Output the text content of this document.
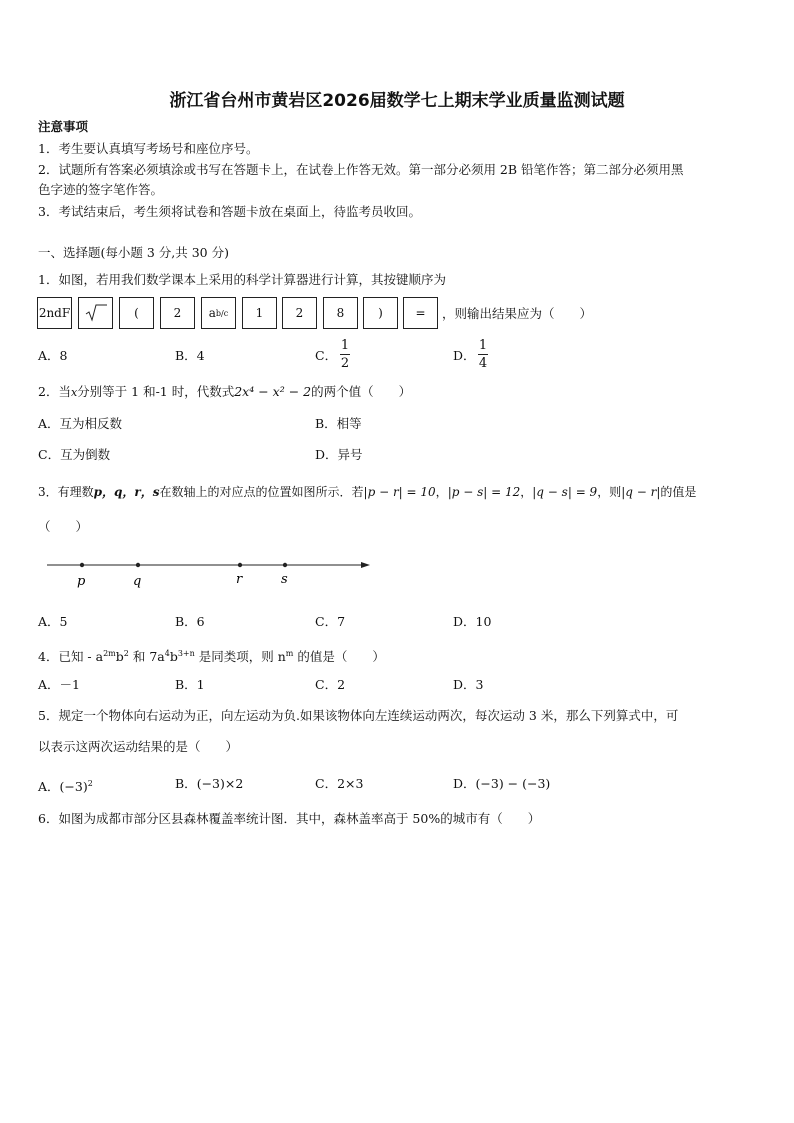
浙江省台州市黄岩区2026届数学七上期末学业质量监测试题
注意事项
1．考生要认真填写考场号和座位序号。
2．试题所有答案必须填涂或书写在答题卡上，在试卷上作答无效。第一部分必须用 2B 铅笔作答；第二部分必须用黑
色字迹的签字笔作答。
3．考试结束后，考生须将试卷和答题卡放在桌面上，待监考员收回。
一、选择题(每小题 3 分,共 30 分)
1．如图，若用我们数学课本上采用的科学计算器进行计算，其按键顺序为
2ndF	(	2	a b/c	1	2	8	)	=	，则输出结果应为（　　）
A．8	B．4	C．
1
2
D．
1
4
2．当x分别等于 1 和-1 时，代数式2x⁴ − x² − 2的两个值（　　）
A．互为相反数	B．相等
C．互为倒数	D．异号
3．有理数p，q，r，s在数轴上的对应点的位置如图所示．若|p − r| = 10，|p − s| = 12，|q − s| = 9，则|q − r|的值是
（　　）
p	q	r	s
A．5	B．6	C．7	D．10
4．已知 - $a^{2m}b^2$ 和 $7a^4b^{3+n}$ 是同类项，则 $n^m$ 的值是（　　）
A．－1	B．1	C．2	D．3
5．规定一个物体向右运动为正，向左运动为负.如果该物体向左连续运动两次，每次运动 3 米，那么下列算式中，可
以表示这两次运动结果的是（　　）
A．$(-3)^2$	B．(−3)×2	C．2×3	D．(−3) − (−3)
6．如图为成都市部分区县森林覆盖率统计图．其中，森林盖率高于 50%的城市有（　　）
